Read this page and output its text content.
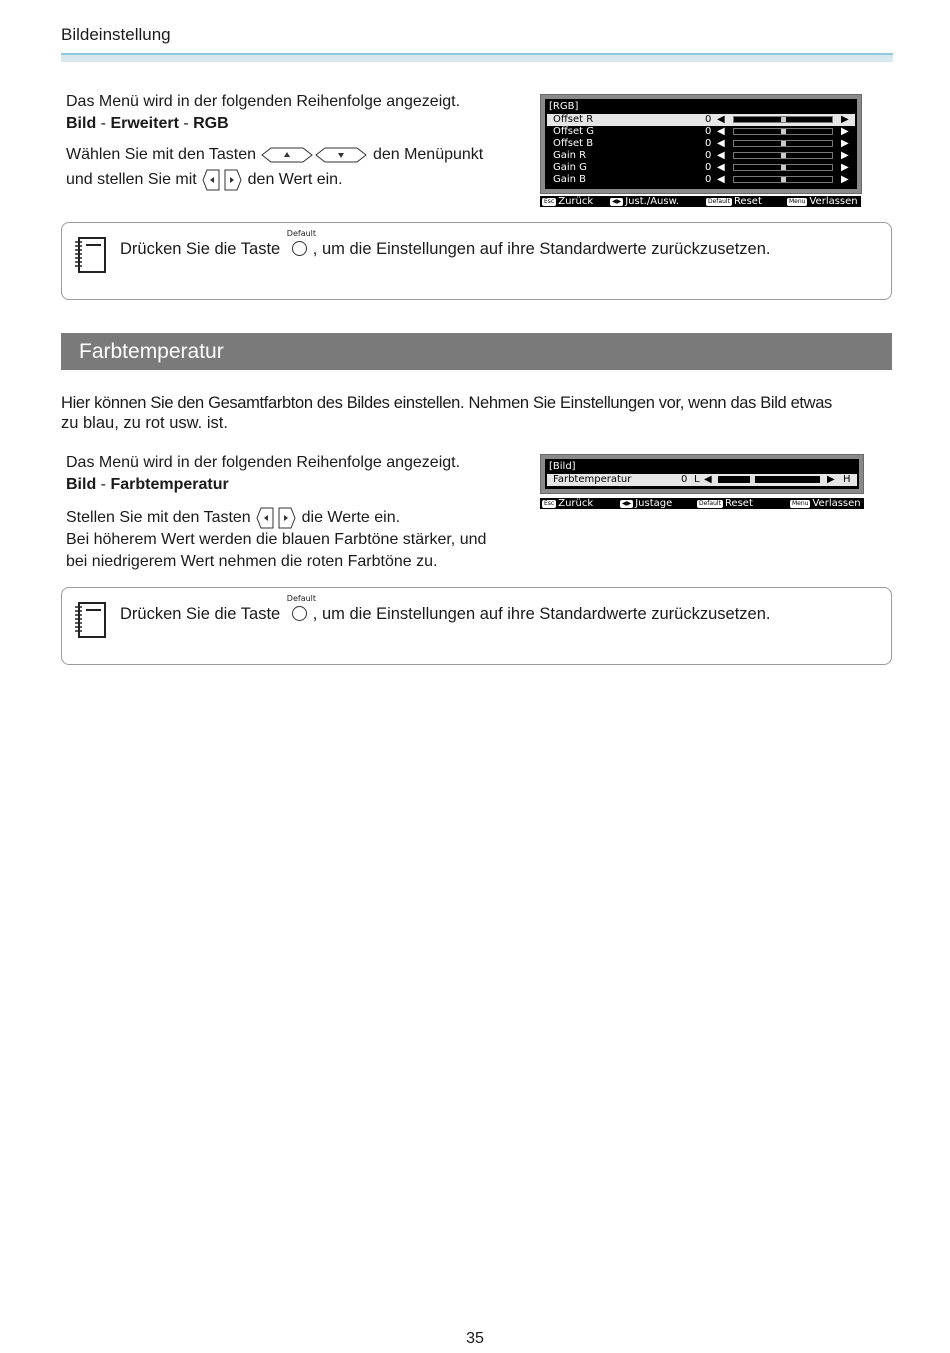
Bildeinstellung
Das Menü wird in der folgenden Reihenfolge angezeigt.
Bild - Erweitert - RGB
Wählen Sie mit den Tasten	den Menüpunkt
und stellen Sie mit	den Wert ein.
[RGB]
Offset R	0 ◀	▶
Offset G	0 ◀	▶
Offset B	0 ◀	▶
Gain R	0 ◀	▶
Gain G	0 ◀	▶
Gain B	0 ◀	▶
Esc Zurück	◀▶ Just./Ausw.	Default Reset	Menu Verlassen
Drücken Sie die Taste
Default
, um die Einstellungen auf ihre Standardwerte zurückzusetzen.
Farbtemperatur
Hier können Sie den Gesamtfarbton des Bildes einstellen. Nehmen Sie Einstellungen vor, wenn das Bild etwas
zu blau, zu rot usw. ist.
Das Menü wird in der folgenden Reihenfolge angezeigt.
Bild - Farbtemperatur
Stellen Sie mit den Tasten	die Werte ein.
Bei höherem Wert werden die blauen Farbtöne stärker, und
bei niedrigerem Wert nehmen die roten Farbtöne zu.
[Bild]
Farbtemperatur	0 L ◀	▶ H
Esc Zurück	◀▶ Justage	Default Reset	Menu Verlassen
Drücken Sie die Taste
Default
, um die Einstellungen auf ihre Standardwerte zurückzusetzen.
35
